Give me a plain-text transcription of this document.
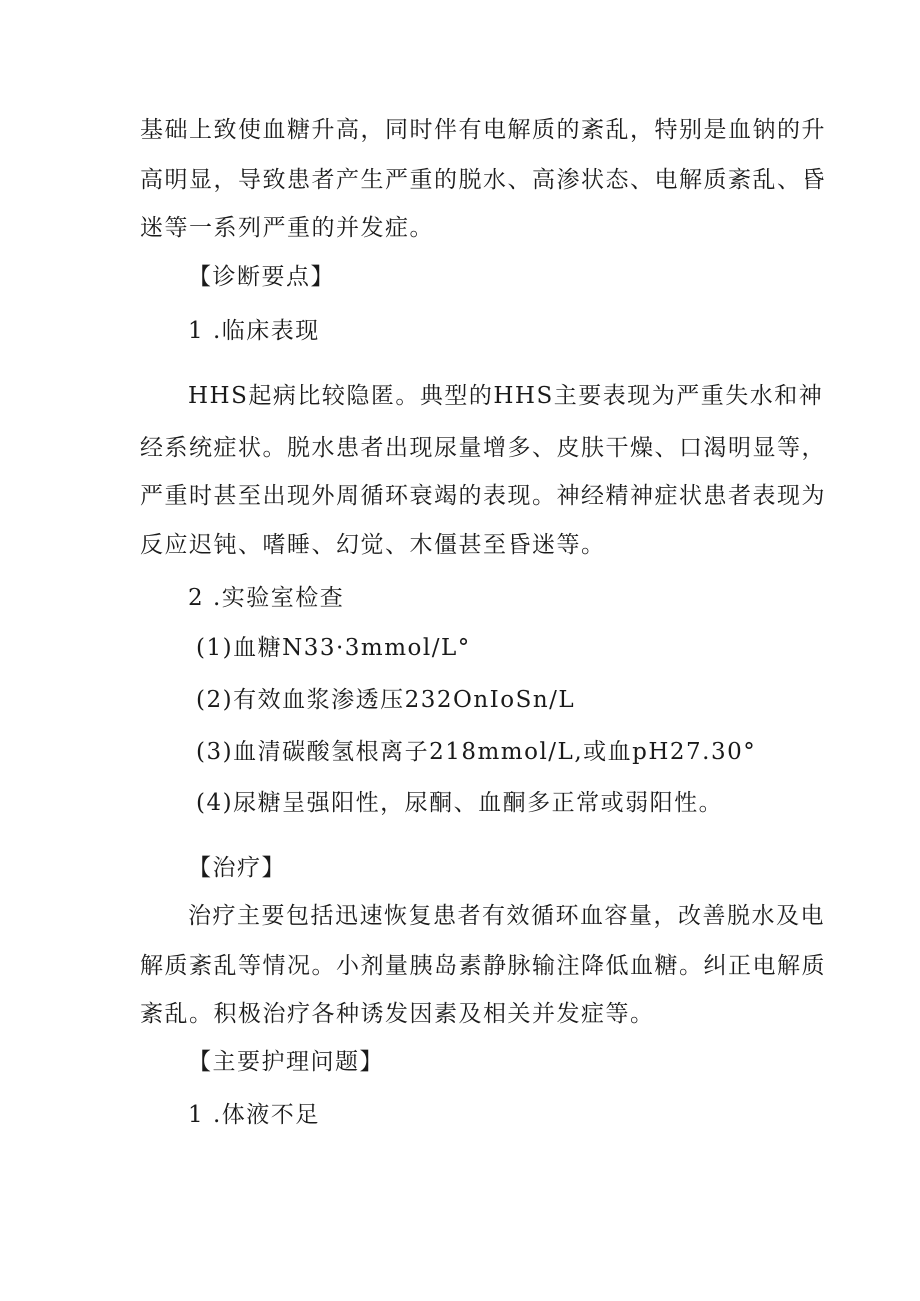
基础上致使血糖升高，同时伴有电解质的紊乱，特别是血钠的升
高明显，导致患者产生严重的脱水、高渗状态、电解质紊乱、昏
迷等一系列严重的并发症。
【诊断要点】
1 .临床表现
HHS起病比较隐匿。典型的HHS主要表现为严重失水和神
经系统症状。脱水患者出现尿量增多、皮肤干燥、口渴明显等，
严重时甚至出现外周循环衰竭的表现。神经精神症状患者表现为
反应迟钝、嗜睡、幻觉、木僵甚至昏迷等。
2 .实验室检查
(1)血糖N33·3mmol/L°
(2)有效血浆渗透压232OnIoSn/L
(3)血清碳酸氢根离子218mmol/L,或血pH27.30°
(4)尿糖呈强阳性，尿酮、血酮多正常或弱阳性。
【治疗】
治疗主要包括迅速恢复患者有效循环血容量，改善脱水及电
解质紊乱等情况。小剂量胰岛素静脉输注降低血糖。纠正电解质
紊乱。积极治疗各种诱发因素及相关并发症等。
【主要护理问题】
1 .体液不足
